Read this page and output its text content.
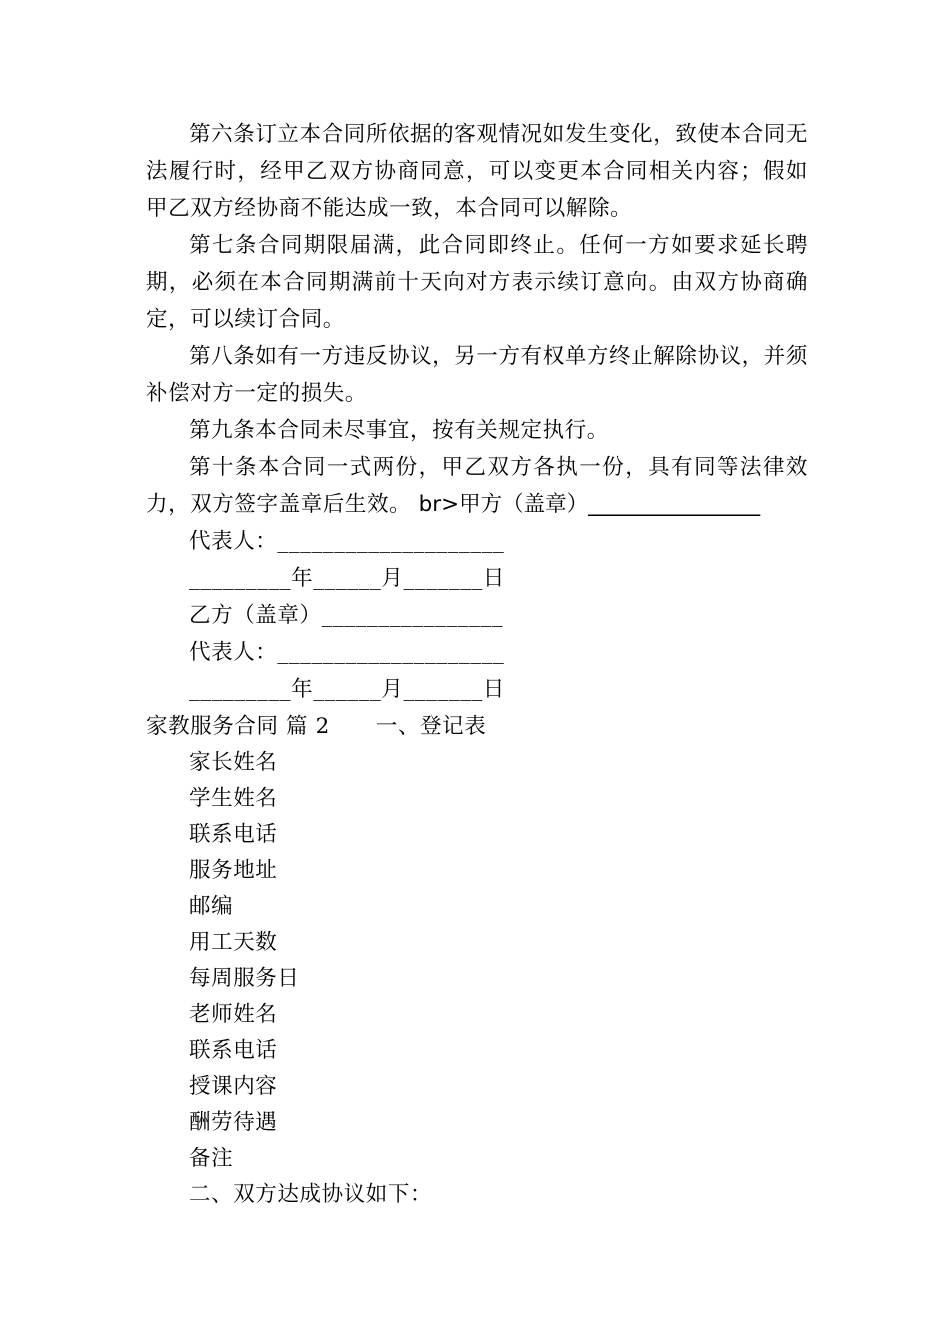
第六条订立本合同所依据的客观情况如发生变化，致使本合同无法履行时，经甲乙双方协商同意，可以变更本合同相关内容；假如甲乙双方经协商不能达成一致，本合同可以解除。

第七条合同期限届满，此合同即终止。任何一方如要求延长聘期，必须在本合同期满前十天向对方表示续订意向。由双方协商确定，可以续订合同。

第八条如有一方违反协议，另一方有权单方终止解除协议，并须补偿对方一定的损失。

第九条本合同未尽事宜，按有关规定执行。

第十条本合同一式两份，甲乙双方各执一份，具有同等法律效力，双方签字盖章后生效。 br>甲方（盖章）________________

代表人：____________________

_________年______月_______日

乙方（盖章）________________

代表人：____________________

_________年______月_______日

家教服务合同 篇 2 一、登记表

家长姓名

学生姓名

联系电话

服务地址

邮编

用工天数

每周服务日

老师姓名

联系电话

授课内容

酬劳待遇

备注

二、双方达成协议如下：
